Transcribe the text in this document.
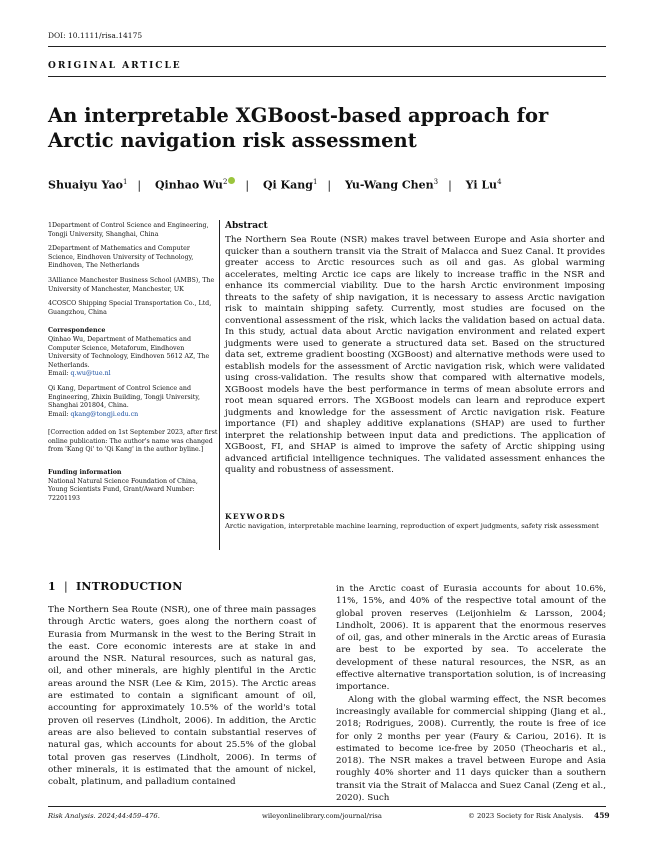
DOI: 10.1111/risa.14175
ORIGINAL ARTICLE
An interpretable XGBoost-based approach for Arctic navigation risk assessment
Shuaiyu Yao$^1$ | Qinhao Wu$^2$ | Qi Kang$^1$ | Yu-Wang Chen$^3$ | Yi Lu$^4$

1Department of Control Science and Engineering, Tongji University, Shanghai, China

2Department of Mathematics and Computer Science, Eindhoven University of Technology, Eindhoven, The Netherlands

3Alliance Manchester Business School (AMBS), The University of Manchester, Manchester, UK

4COSCO Shipping Special Transportation Co., Ltd, Guangzhou, China

Correspondence

Qinhao Wu, Department of Mathematics and Computer Science, Metaforum, Eindhoven University of Technology, Eindhoven 5612 AZ, The Netherlands.

Email: q.wu@tue.nl

Qi Kang, Department of Control Science and Engineering, Zhixin Building, Tongji University, Shanghai 201804, China.

Email: qkang@tongji.edu.cn

[Correction added on 1st September 2023, after first online publication: The author's name was changed from 'Kang Qi' to 'Qi Kang' in the author byline.]

Funding information

National Natural Science Foundation of China, Young Scientists Fund, Grant/Award Number: 72201193

Abstract
The Northern Sea Route (NSR) makes travel between Europe and Asia shorter and quicker than a southern transit via the Strait of Malacca and Suez Canal. It provides greater access to Arctic resources such as oil and gas. As global warming accelerates, melting Arctic ice caps are likely to increase traffic in the NSR and enhance its commercial viability. Due to the harsh Arctic environment imposing threats to the safety of ship navigation, it is necessary to assess Arctic navigation risk to maintain shipping safety. Currently, most studies are focused on the conventional assessment of the risk, which lacks the validation based on actual data. In this study, actual data about Arctic navigation environment and related expert judgments were used to generate a structured data set. Based on the structured data set, extreme gradient boosting (XGBoost) and alternative methods were used to establish models for the assessment of Arctic navigation risk, which were validated using cross-validation. The results show that compared with alternative models, XGBoost models have the best performance in terms of mean absolute errors and root mean squared errors. The XGBoost models can learn and reproduce expert judgments and knowledge for the assessment of Arctic navigation risk. Feature importance (FI) and shapley additive explanations (SHAP) are used to further interpret the relationship between input data and predictions. The application of XGBoost, FI, and SHAP is aimed to improve the safety of Arctic shipping using advanced artificial intelligence techniques. The validated assessment enhances the quality and robustness of assessment.
KEYWORDS
Arctic navigation, interpretable machine learning, reproduction of expert judgments, safety risk assessment
1 | INTRODUCTION

The Northern Sea Route (NSR), one of three main passages through Arctic waters, goes along the northern coast of Eurasia from Murmansk in the west to the Bering Strait in the east. Core economic interests are at stake in and around the NSR. Natural resources, such as natural gas, oil, and other minerals, are highly plentiful in the Arctic areas around the NSR (Lee & Kim, 2015). The Arctic areas are estimated to contain a significant amount of oil, accounting for approximately 10.5% of the world's total proven oil reserves (Lindholt, 2006). In addition, the Arctic areas are also believed to contain substantial reserves of natural gas, which accounts for about 25.5% of the global total proven gas reserves (Lindholt, 2006). In terms of other minerals, it is estimated that the amount of nickel, cobalt, platinum, and palladium contained

in the Arctic coast of Eurasia accounts for about 10.6%, 11%, 15%, and 40% of the respective total amount of the global proven reserves (Leijonhielm & Larsson, 2004; Lindholt, 2006). It is apparent that the enormous reserves of oil, gas, and other minerals in the Arctic areas of Eurasia are best to be exported by sea. To accelerate the development of these natural resources, the NSR, as an effective alternative transportation solution, is of increasing importance.

Along with the global warming effect, the NSR becomes increasingly available for commercial shipping (Jiang et al., 2018; Rodrigues, 2008). Currently, the route is free of ice for only 2 months per year (Faury & Cariou, 2016). It is estimated to become ice-free by 2050 (Theocharis et al., 2018). The NSR makes a travel between Europe and Asia roughly 40% shorter and 11 days quicker than a southern transit via the Strait of Malacca and Suez Canal (Zeng et al., 2020). Such

Risk Analysis. 2024;44:459–476.	wileyonlinelibrary.com/journal/risa	© 2023 Society for Risk Analysis. 459
